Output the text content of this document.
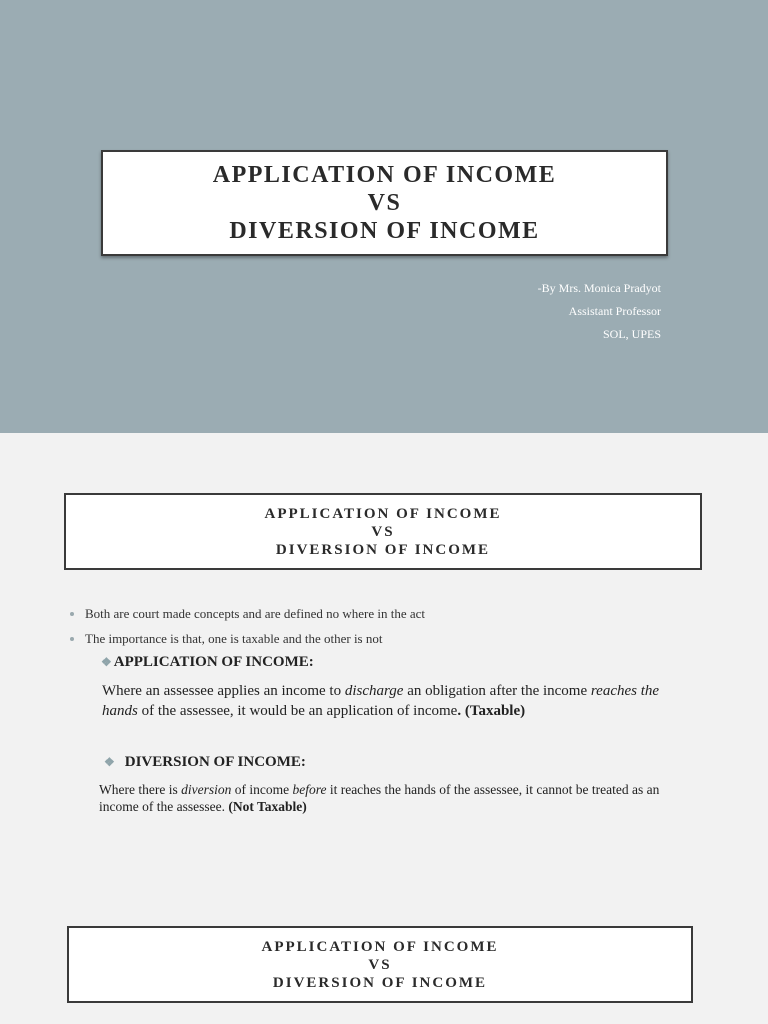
APPLICATION OF INCOME
VS
DIVERSION OF INCOME
-By Mrs. Monica Pradyot
Assistant Professor
SOL, UPES
APPLICATION OF INCOME
VS
DIVERSION OF INCOME
Both are court made concepts and are defined no where in the act
The importance is that, one is taxable and the other is not
❖ APPLICATION OF INCOME:
Where an assessee applies an income to discharge an obligation after the income reaches the hands of the assessee, it would be an application of income. (Taxable)
❖ DIVERSION OF INCOME:
Where there is diversion of income before it reaches the hands of the assessee, it cannot be treated as an income of the assessee. (Not Taxable)
APPLICATION OF INCOME
VS
DIVERSION OF INCOME
